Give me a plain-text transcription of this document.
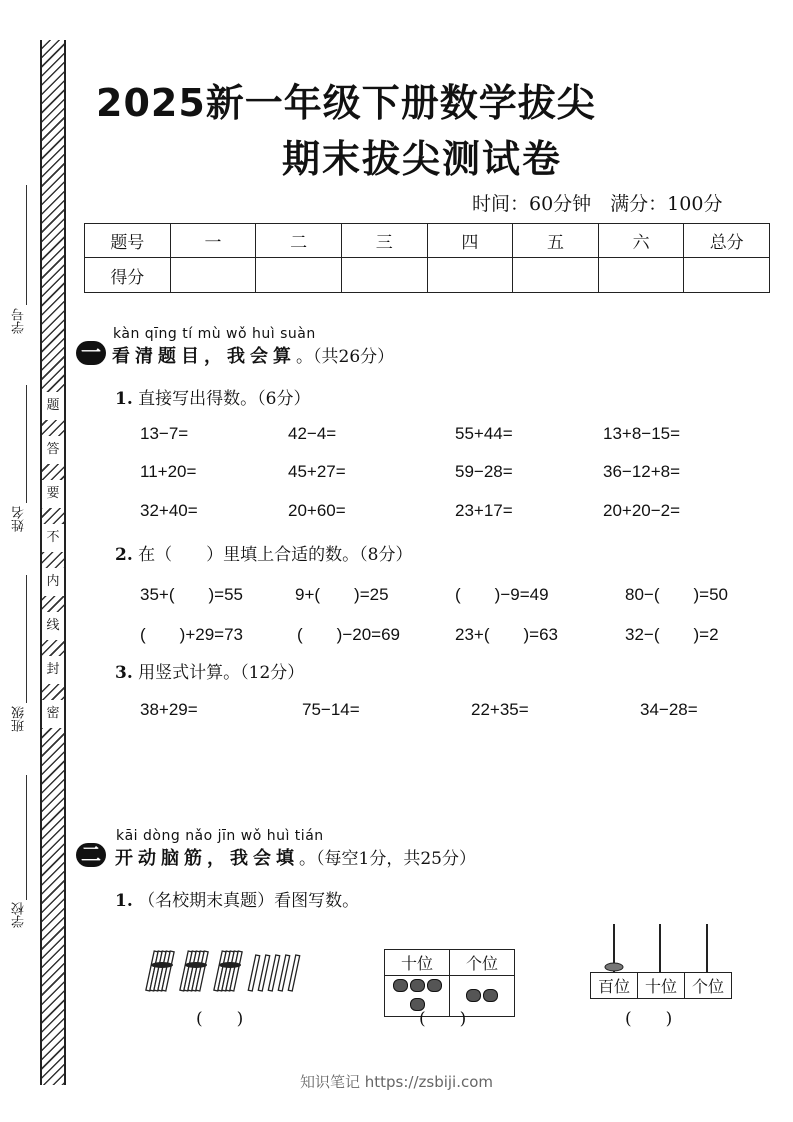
题
答
要
不
内
线
封
密
学号
姓名
班级
学校
2025新一年级下册数学拔尖
期末拔尖测试卷
时间：60分钟　满分：100分
题号	一	二	三	四	五	六	总分
得分							
kàn qīng tí mù wǒ huì suàn
一 看清题目，我会算。（共26分）
1. 直接写出得数。（6分）
13−7=	42−4=	55+44=	13+8−15=
11+20=	45+27=	59−28=	36−12+8=
32+40=	20+60=	23+17=	20+20−2=
2. 在（　　）里填上合适的数。（8分）
35+(　　)=55	9+(　　)=25	(　　)−9=49	80−(　　)=50
(　　)+29=73	(　　)−20=69	23+(　　)=63	32−(　　)=2
3. 用竖式计算。（12分）
38+29=	75−14=	22+35=	34−28=
kāi dòng nǎo jīn wǒ huì tián
二 开动脑筋，我会填。（每空1分，共25分）
1. （名校期末真题）看图写数。
(　　)
十位	个位

(　　)
百位	十位	个位
(　　)
知识笔记 https://zsbiji.com
